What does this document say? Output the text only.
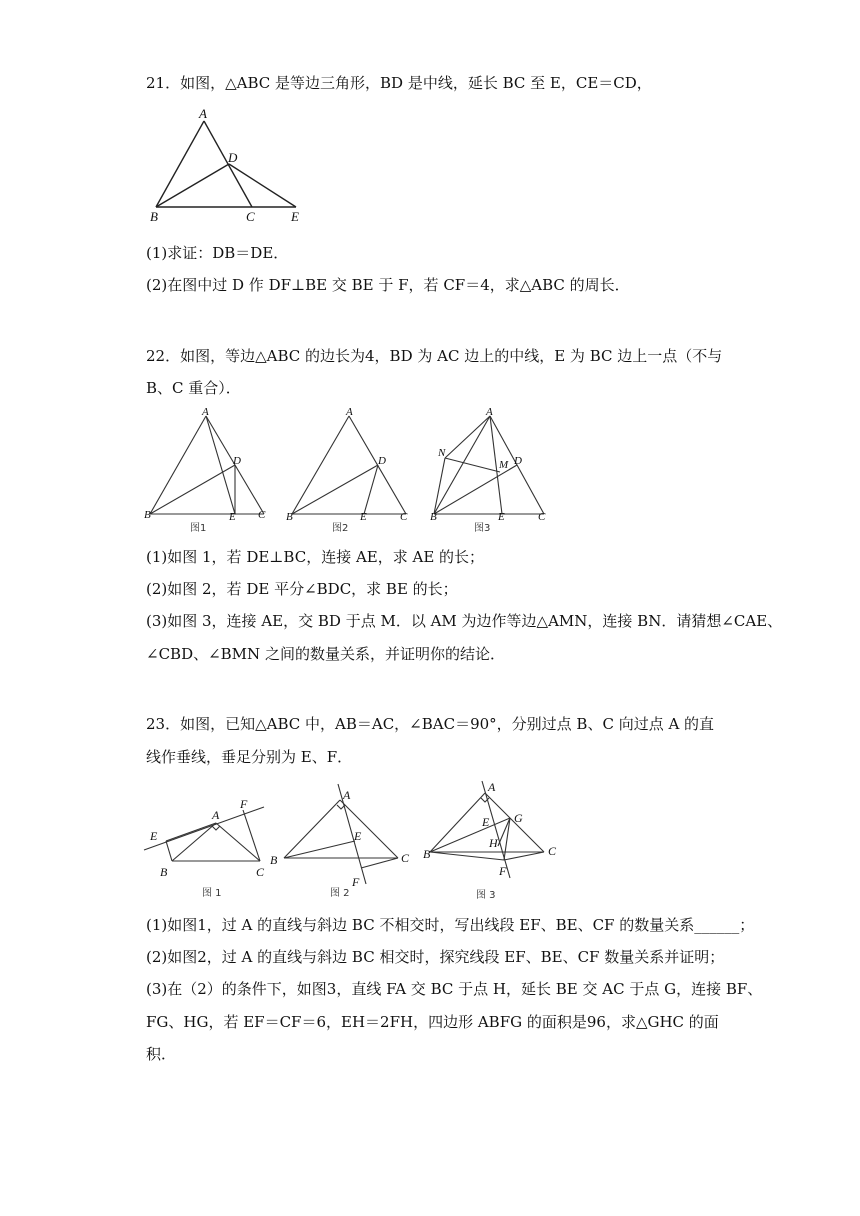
21．如图，△ABC 是等边三角形，BD 是中线，延长 BC 至 E，CE＝CD，
A
D
B	C	E
(1)求证：DB＝DE．
(2)在图中过 D 作 DF⊥BE 交 BE 于 F，若 CF＝4，求△ABC 的周长．
22．如图，等边△ABC 的边长为4，BD 为 AC 边上的中线，E 为 BC 边上一点（不与
B、C 重合）．
A
D
B	E C
图1
A
D
B	E	C
图2
A
N
M D
B	E	C
图3
(1)如图 1，若 DE⊥BC，连接 AE，求 AE 的长；
(2)如图 2，若 DE 平分∠BDC，求 BE 的长；
(3)如图 3，连接 AE，交 BD 于点 M．以 AM 为边作等边△AMN，连接 BN．请猜想∠CAE、
∠CBD、∠BMN 之间的数量关系，并证明你的结论．
23．如图，已知△ABC 中，AB＝AC，∠BAC＝90°，分别过点 B、C 向过点 A 的直
线作垂线，垂足分别为 E、F．
A
F
E
B	C
图 1
A
E
B	C
F
图 2
A
E G
H
B	C
F
图 3
(1)如图1，过 A 的直线与斜边 BC 不相交时，写出线段 EF、BE、CF 的数量关系______；
(2)如图2，过 A 的直线与斜边 BC 相交时，探究线段 EF、BE、CF 数量关系并证明；
(3)在（2）的条件下，如图3，直线 FA 交 BC 于点 H，延长 BE 交 AC 于点 G，连接 BF、
FG、HG，若 EF＝CF＝6，EH＝2FH，四边形 ABFG 的面积是96，求△GHC 的面
积．
